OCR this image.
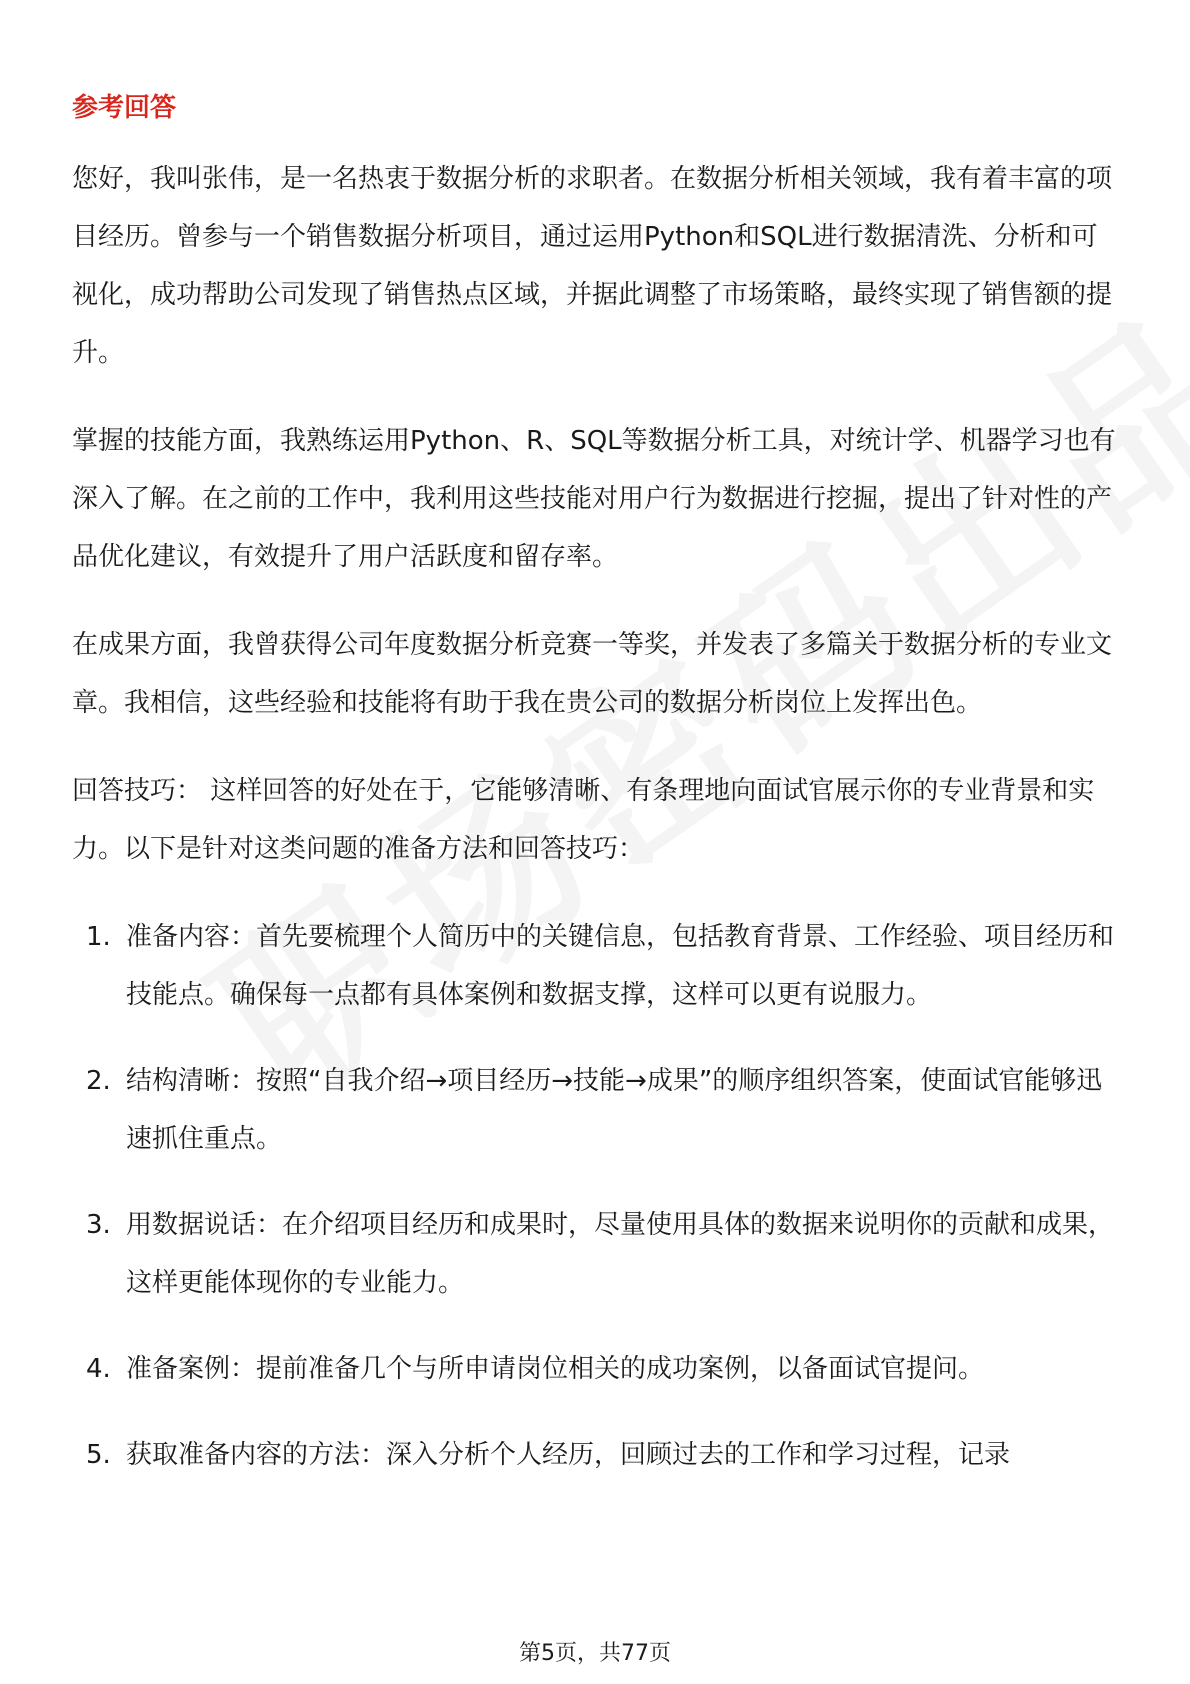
参考回答

您好，我叫张伟，是一名热衷于数据分析的求职者。在数据分析相关领域，我有着丰富的项目经历。曾参与一个销售数据分析项目，通过运用Python和SQL进行数据清洗、分析和可视化，成功帮助公司发现了销售热点区域，并据此调整了市场策略，最终实现了销售额的提升。

掌握的技能方面，我熟练运用Python、R、SQL等数据分析工具，对统计学、机器学习也有深入了解。在之前的工作中，我利用这些技能对用户行为数据进行挖掘，提出了针对性的产品优化建议，有效提升了用户活跃度和留存率。

在成果方面，我曾获得公司年度数据分析竞赛一等奖，并发表了多篇关于数据分析的专业文章。我相信，这些经验和技能将有助于我在贵公司的数据分析岗位上发挥出色。

回答技巧： 这样回答的好处在于，它能够清晰、有条理地向面试官展示你的专业背景和实力。以下是针对这类问题的准备方法和回答技巧：

1. 准备内容：首先要梳理个人简历中的关键信息，包括教育背景、工作经验、项目经历和技能点。确保每一点都有具体案例和数据支撑，这样可以更有说服力。
2. 结构清晰：按照“自我介绍→项目经历→技能→成果”的顺序组织答案，使面试官能够迅速抓住重点。
3. 用数据说话：在介绍项目经历和成果时，尽量使用具体的数据来说明你的贡献和成果，这样更能体现你的专业能力。
4. 准备案例：提前准备几个与所申请岗位相关的成功案例，以备面试官提问。
5. 获取准备内容的方法：深入分析个人经历，回顾过去的工作和学习过程，记录
第5页，共77页
